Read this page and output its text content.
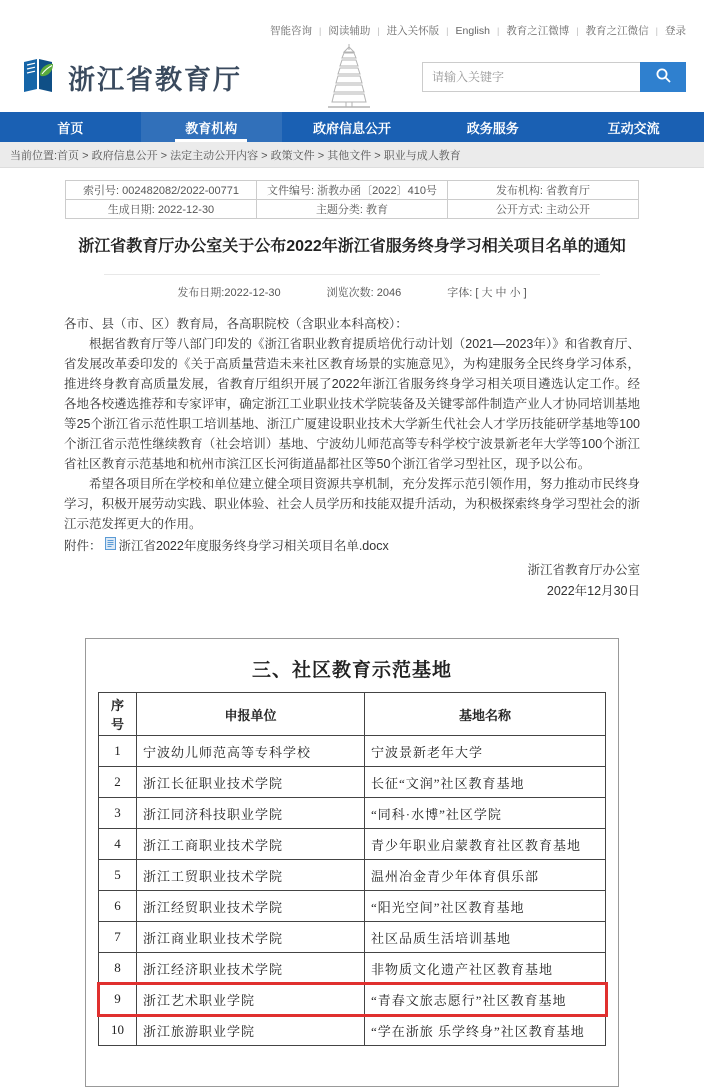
智能咨询 | 阅读辅助 | 进入关怀版 | English | 教育之江微博 | 教育之江微信 | 登录
浙江省教育厅
请输入关键字
首页	教育机构	政府信息公开	政务服务	互动交流
当前位置:首页 > 政府信息公开 > 法定主动公开内容 > 政策文件 > 其他文件 > 职业与成人教育
索引号: 002482082/2022-00771	文件编号: 浙教办函〔2022〕410号	发布机构: 省教育厅
生成日期: 2022-12-30	主题分类: 教育	公开方式: 主动公开
浙江省教育厅办公室关于公布2022年浙江省服务终身学习相关项目名单的通知
发布日期:2022-12-30	浏览次数: 2046	字体: [ 大 中 小 ]

各市、县（市、区）教育局，各高职院校（含职业本科高校）：

根据省教育厅等八部门印发的《浙江省职业教育提质培优行动计划（2021—2023年）》和省教育厅、省发展改革委印发的《关于高质量营造未来社区教育场景的实施意见》，为构建服务全民终身学习体系，推进终身教育高质量发展，省教育厅组织开展了2022年浙江省服务终身学习相关项目遴选认定工作。经各地各校遴选推荐和专家评审，确定浙江工业职业技术学院装备及关键零部件制造产业人才协同培训基地等25个浙江省示范性职工培训基地、浙江广厦建设职业技术大学新生代社会人才学历技能研学基地等100个浙江省示范性继续教育（社会培训）基地、宁波幼儿师范高等专科学校宁波景新老年大学等100个浙江省社区教育示范基地和杭州市滨江区长河街道晶都社区等50个浙江省学习型社区，现予以公布。

希望各项目所在学校和单位建立健全项目资源共享机制，充分发挥示范引领作用，努力推动市民终身学习，积极开展劳动实践、职业体验、社会人员学历和技能双提升活动，为积极探索终身学习型社会的浙江示范发挥更大的作用。

附件： 浙江省2022年度服务终身学习相关项目名单.docx
浙江省教育厅办公室
2022年12月30日
三、社区教育示范基地
序号	申报单位	基地名称
1	宁波幼儿师范高等专科学校	宁波景新老年大学
2	浙江长征职业技术学院	长征“文润”社区教育基地
3	浙江同济科技职业学院	“同科·水博”社区学院
4	浙江工商职业技术学院	青少年职业启蒙教育社区教育基地
5	浙江工贸职业技术学院	温州冶金青少年体育俱乐部
6	浙江经贸职业技术学院	“阳光空间”社区教育基地
7	浙江商业职业技术学院	社区品质生活培训基地
8	浙江经济职业技术学院	非物质文化遗产社区教育基地
9	浙江艺术职业学院	“青春文旅志愿行”社区教育基地
10	浙江旅游职业学院	“学在浙旅 乐学终身”社区教育基地
